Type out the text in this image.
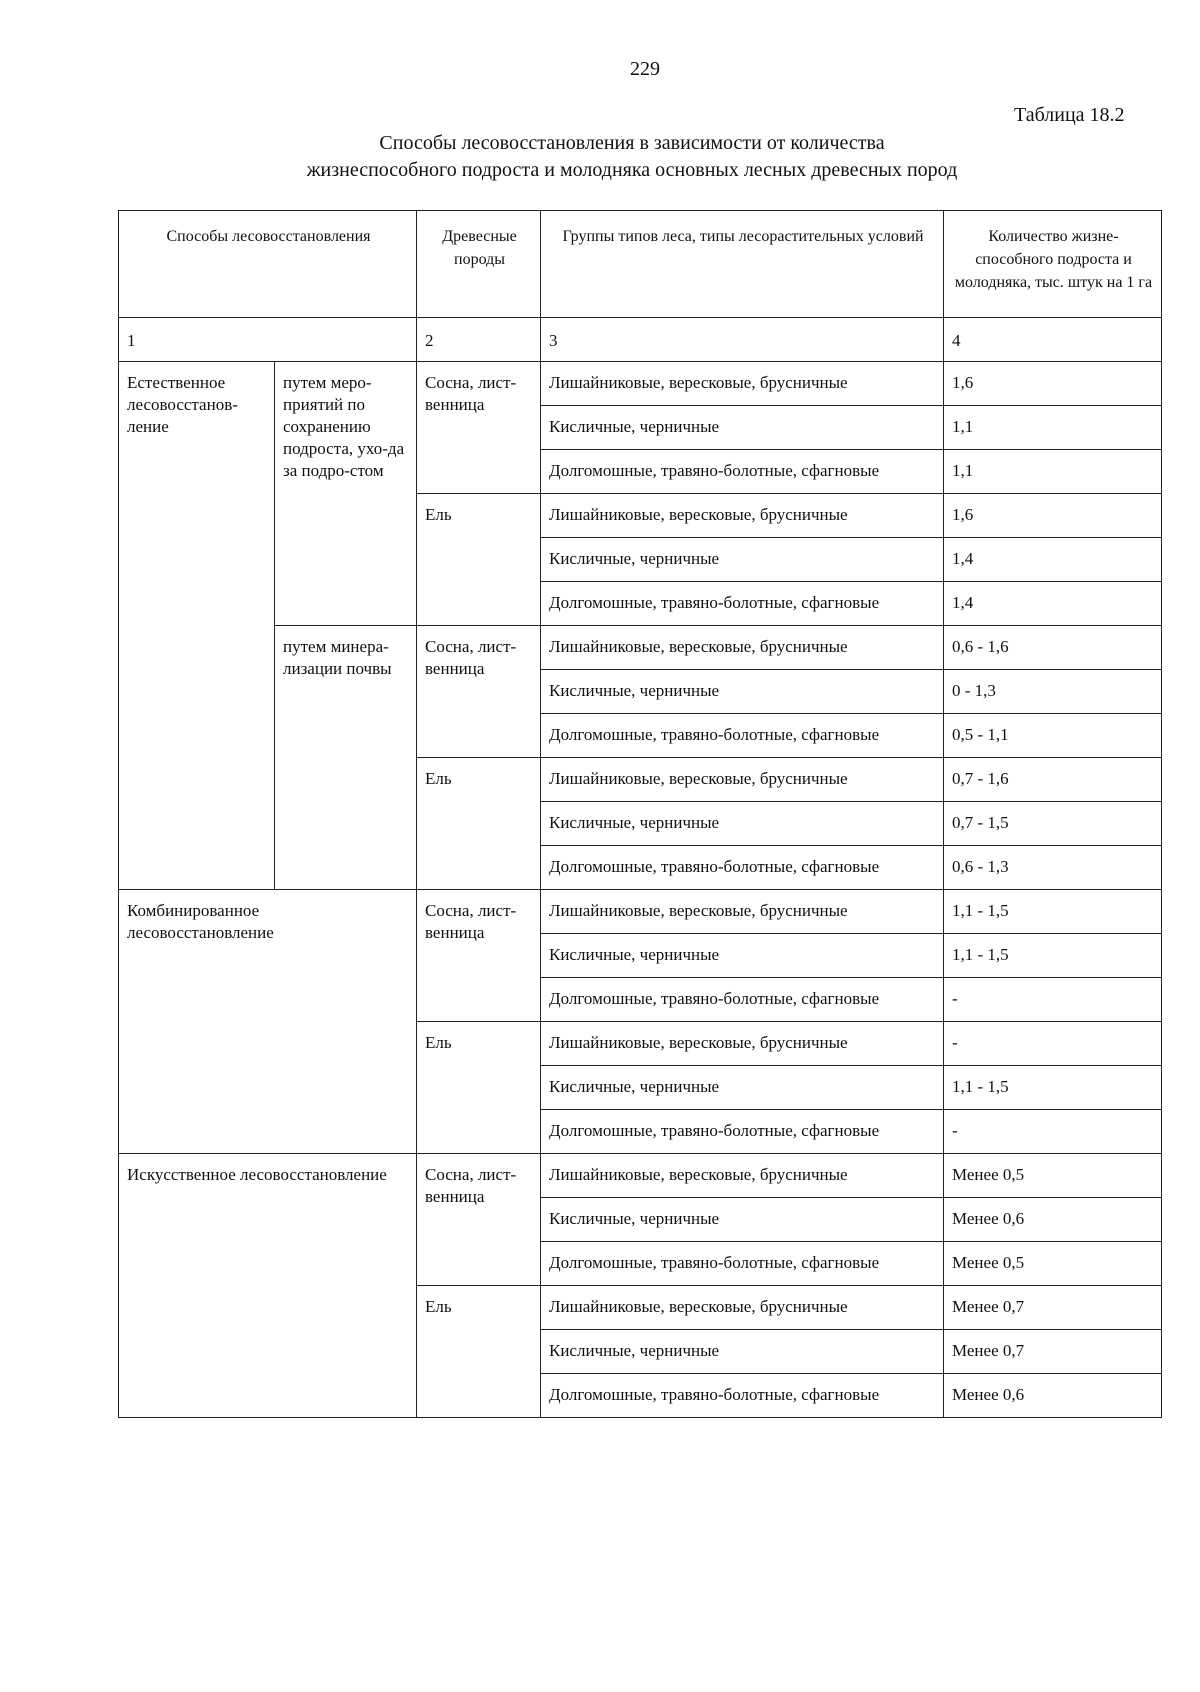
229
Таблица 18.2
Способы лесовосстановления в зависимости от количества жизнеспособного подроста и молодняка основных лесных древесных пород
Способы лесовосстановления		Древесные породы	Группы типов леса, типы лесорастительных условий	Количество жизне-способного подроста и молодняка, тыс. штук на 1 га
1		2	3	4
Естественное лесовосстанов-ление	путем меро-приятий по сохранению подроста, ухо-да за подро-стом	Сосна, лист-венница	Лишайниковые, вересковые, брусничные	1,6
			Кисличные, черничные	1,1
			Долгомошные, травяно-болотные, сфагновые	1,1
		Ель	Лишайниковые, вересковые, брусничные	1,6
			Кисличные, черничные	1,4
			Долгомошные, травяно-болотные, сфагновые	1,4
	путем минера-лизации почвы	Сосна, лист-венница	Лишайниковые, вересковые, брусничные	0,6 - 1,6
			Кисличные, черничные	0 - 1,3
			Долгомошные, травяно-болотные, сфагновые	0,5 - 1,1
		Ель	Лишайниковые, вересковые, брусничные	0,7 - 1,6
			Кисличные, черничные	0,7 - 1,5
			Долгомошные, травяно-болотные, сфагновые	0,6 - 1,3
Комбинированное лесовосстановление		Сосна, лист-венница	Лишайниковые, вересковые, брусничные	1,1 - 1,5
			Кисличные, черничные	1,1 - 1,5
			Долгомошные, травяно-болотные, сфагновые	-
		Ель	Лишайниковые, вересковые, брусничные	-
			Кисличные, черничные	1,1 - 1,5
			Долгомошные, травяно-болотные, сфагновые	-
Искусственное лесовосстановление		Сосна, лист-венница	Лишайниковые, вересковые, брусничные	Менее 0,5
			Кисличные, черничные	Менее 0,6
			Долгомошные, травяно-болотные, сфагновые	Менее 0,5
		Ель	Лишайниковые, вересковые, брусничные	Менее 0,7
			Кисличные, черничные	Менее 0,7
			Долгомошные, травяно-болотные, сфагновые	Менее 0,6
